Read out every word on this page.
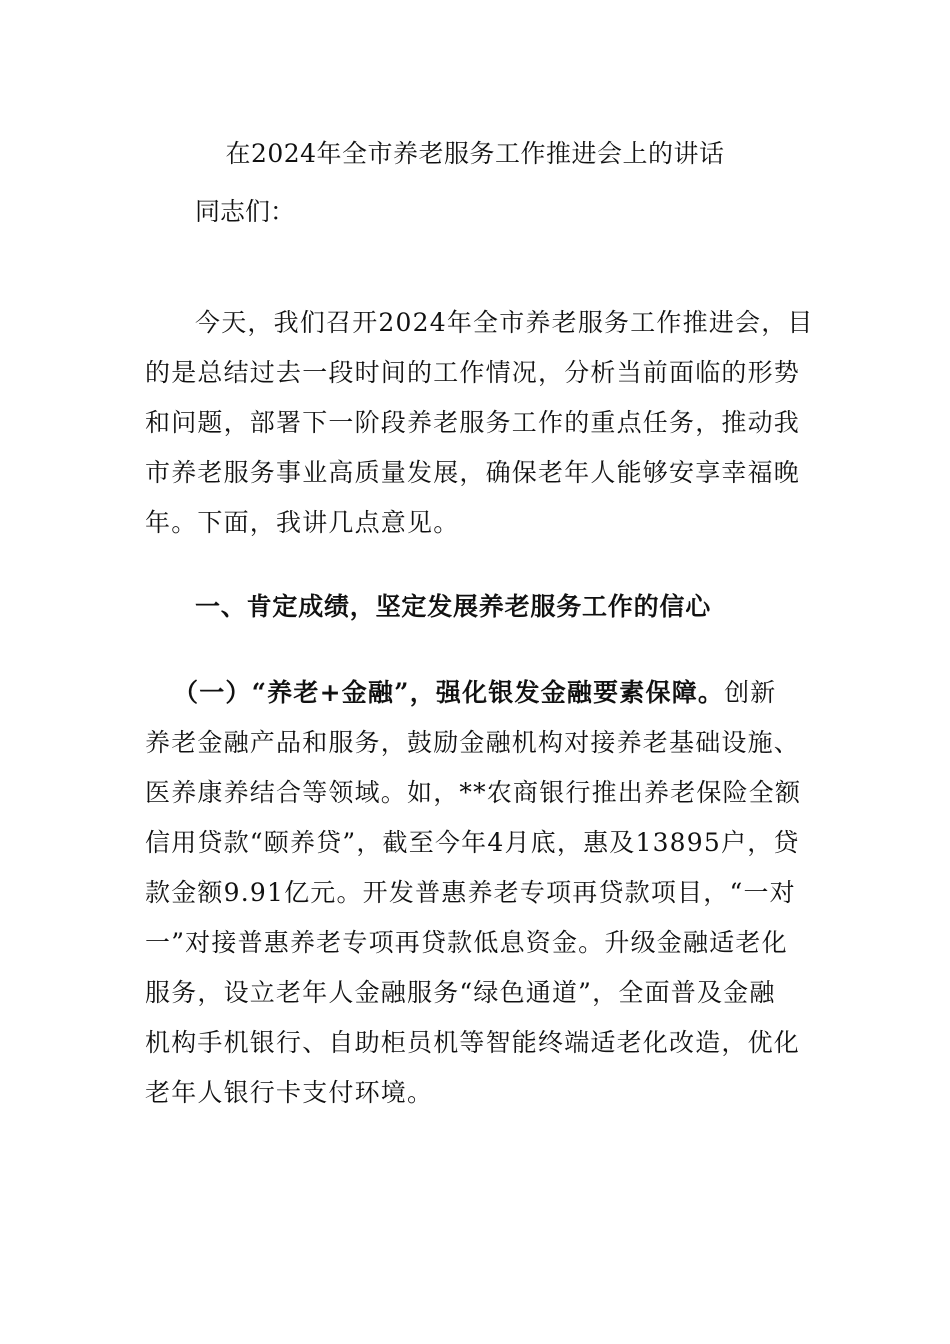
在2024年全市养老服务工作推进会上的讲话
同志们：
今天，我们召开2024年全市养老服务工作推进会，目
的是总结过去一段时间的工作情况，分析当前面临的形势
和问题，部署下一阶段养老服务工作的重点任务，推动我
市养老服务事业高质量发展，确保老年人能够安享幸福晚
年。下面，我讲几点意见。
一、肯定成绩，坚定发展养老服务工作的信心
（一）“养老+金融”，强化银发金融要素保障。创新
养老金融产品和服务，鼓励金融机构对接养老基础设施、
医养康养结合等领域。如，**农商银行推出养老保险全额
信用贷款“颐养贷”，截至今年4月底，惠及13895户，贷
款金额9.91亿元。开发普惠养老专项再贷款项目，“一对
一”对接普惠养老专项再贷款低息资金。升级金融适老化
服务，设立老年人金融服务“绿色通道”，全面普及金融
机构手机银行、自助柜员机等智能终端适老化改造，优化
老年人银行卡支付环境。
